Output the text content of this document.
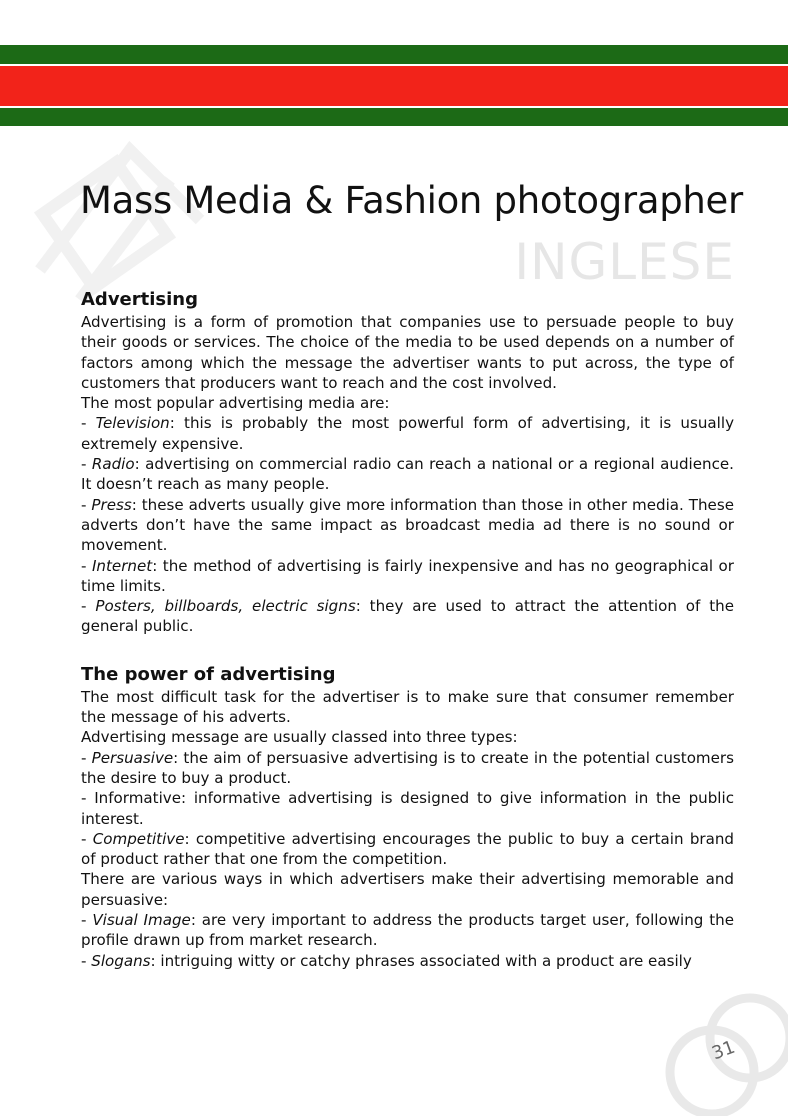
Mass Media & Fashion photographer
INGLESE
Advertising

Advertising is a form of promotion that companies use to persuade people to buy their goods or services. The choice of the media to be used depends on a number of factors among which the message the advertiser wants to put across, the type of customers that producers want to reach and the cost involved.

The most popular advertising media are:

- Television: this is probably the most powerful form of advertising, it is usually extremely expensive.

- Radio: advertising on commercial radio can reach a national or a regional audience. It doesn’t reach as many people.

- Press: these adverts usually give more information than those in other media. These adverts don’t have the same impact as broadcast media ad there is no sound or movement.

- Internet: the method of advertising is fairly inexpensive and has no geographical or time limits.

- Posters, billboards, electric signs: they are used to attract the attention of the general public.

The power of advertising

The most difficult task for the advertiser is to make sure that consumer remember the message of his adverts.

Advertising message are usually classed into three types:

- Persuasive: the aim of persuasive advertising is to create in the potential customers the desire to buy a product.

- Informative: informative advertising is designed to give information in the public interest.

- Competitive: competitive advertising encourages the public to buy a certain brand of product rather that one from the competition.

There are various ways in which advertisers make their advertising memorable and persuasive:

- Visual Image: are very important to address the products target user, following the profile drawn up from market research.

- Slogans: intriguing witty or catchy phrases associated with a product are easily

31
